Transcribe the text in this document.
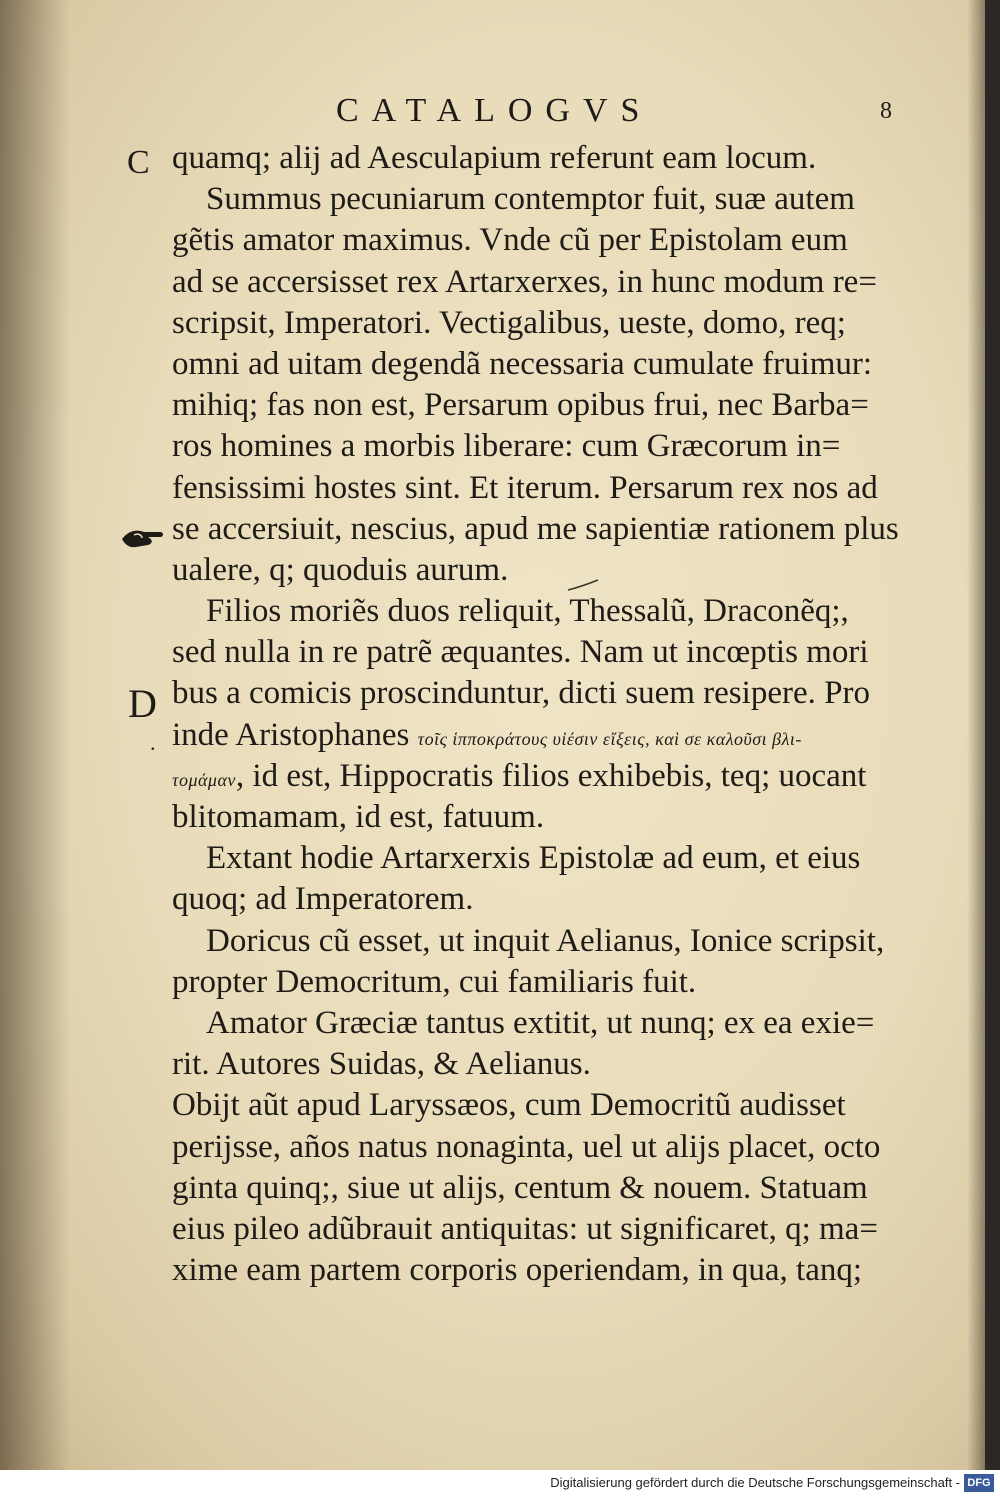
CATALOGVS	8
C
D
.
quamq; alij ad Aesculapium referunt eam locum.
Summus pecuniarum contemptor fuit, suæ autem
gẽtis amator maximus. Vnde cũ per Epistolam eum
ad se accersisset rex Artarxerxes, in hunc modum re=
scripsit, Imperatori. Vectigalibus, ueste, domo, req;
omni ad uitam degendã necessaria cumulate fruimur:
mihiq; fas non est, Persarum opibus frui, nec Barba=
ros homines a morbis liberare: cum Græcorum in=
fensissimi hostes sint. Et iterum. Persarum rex nos ad
se accersiuit, nescius, apud me sapientiæ rationem plus
ualere, q; quoduis aurum.
Filios moriẽs duos reliquit, Thessalũ, Draconẽq;,
sed nulla in re patrẽ æquantes. Nam ut incœptis mori
bus a comicis proscinduntur, dicti suem resipere. Pro
inde Aristophanes τοῖς ἱπποκράτους υἱέσιν εἴξεις, καὶ σε καλοῦσι βλι-
τομάμαν, id est, Hippocratis filios exhibebis, teq; uocant
blitomamam, id est, fatuum.
Extant hodie Artarxerxis Epistolæ ad eum, et eius
quoq; ad Imperatorem.
Doricus cũ esset, ut inquit Aelianus, Ionice scripsit,
propter Democritum, cui familiaris fuit.
Amator Græciæ tantus extitit, ut nunq; ex ea exie=
rit. Autores Suidas, & Aelianus.
Obijt aũt apud Laryssæos, cum Democritũ audisset
perijsse, años natus nonaginta, uel ut alijs placet, octo
ginta quinq;, siue ut alijs, centum & nouem. Statuam
eius pileo adũbrauit antiquitas: ut significaret, q; ma=
xime eam partem corporis operiendam, in qua, tanq;
Digitalisierung gefördert durch die Deutsche Forschungsgemeinschaft - DFG
